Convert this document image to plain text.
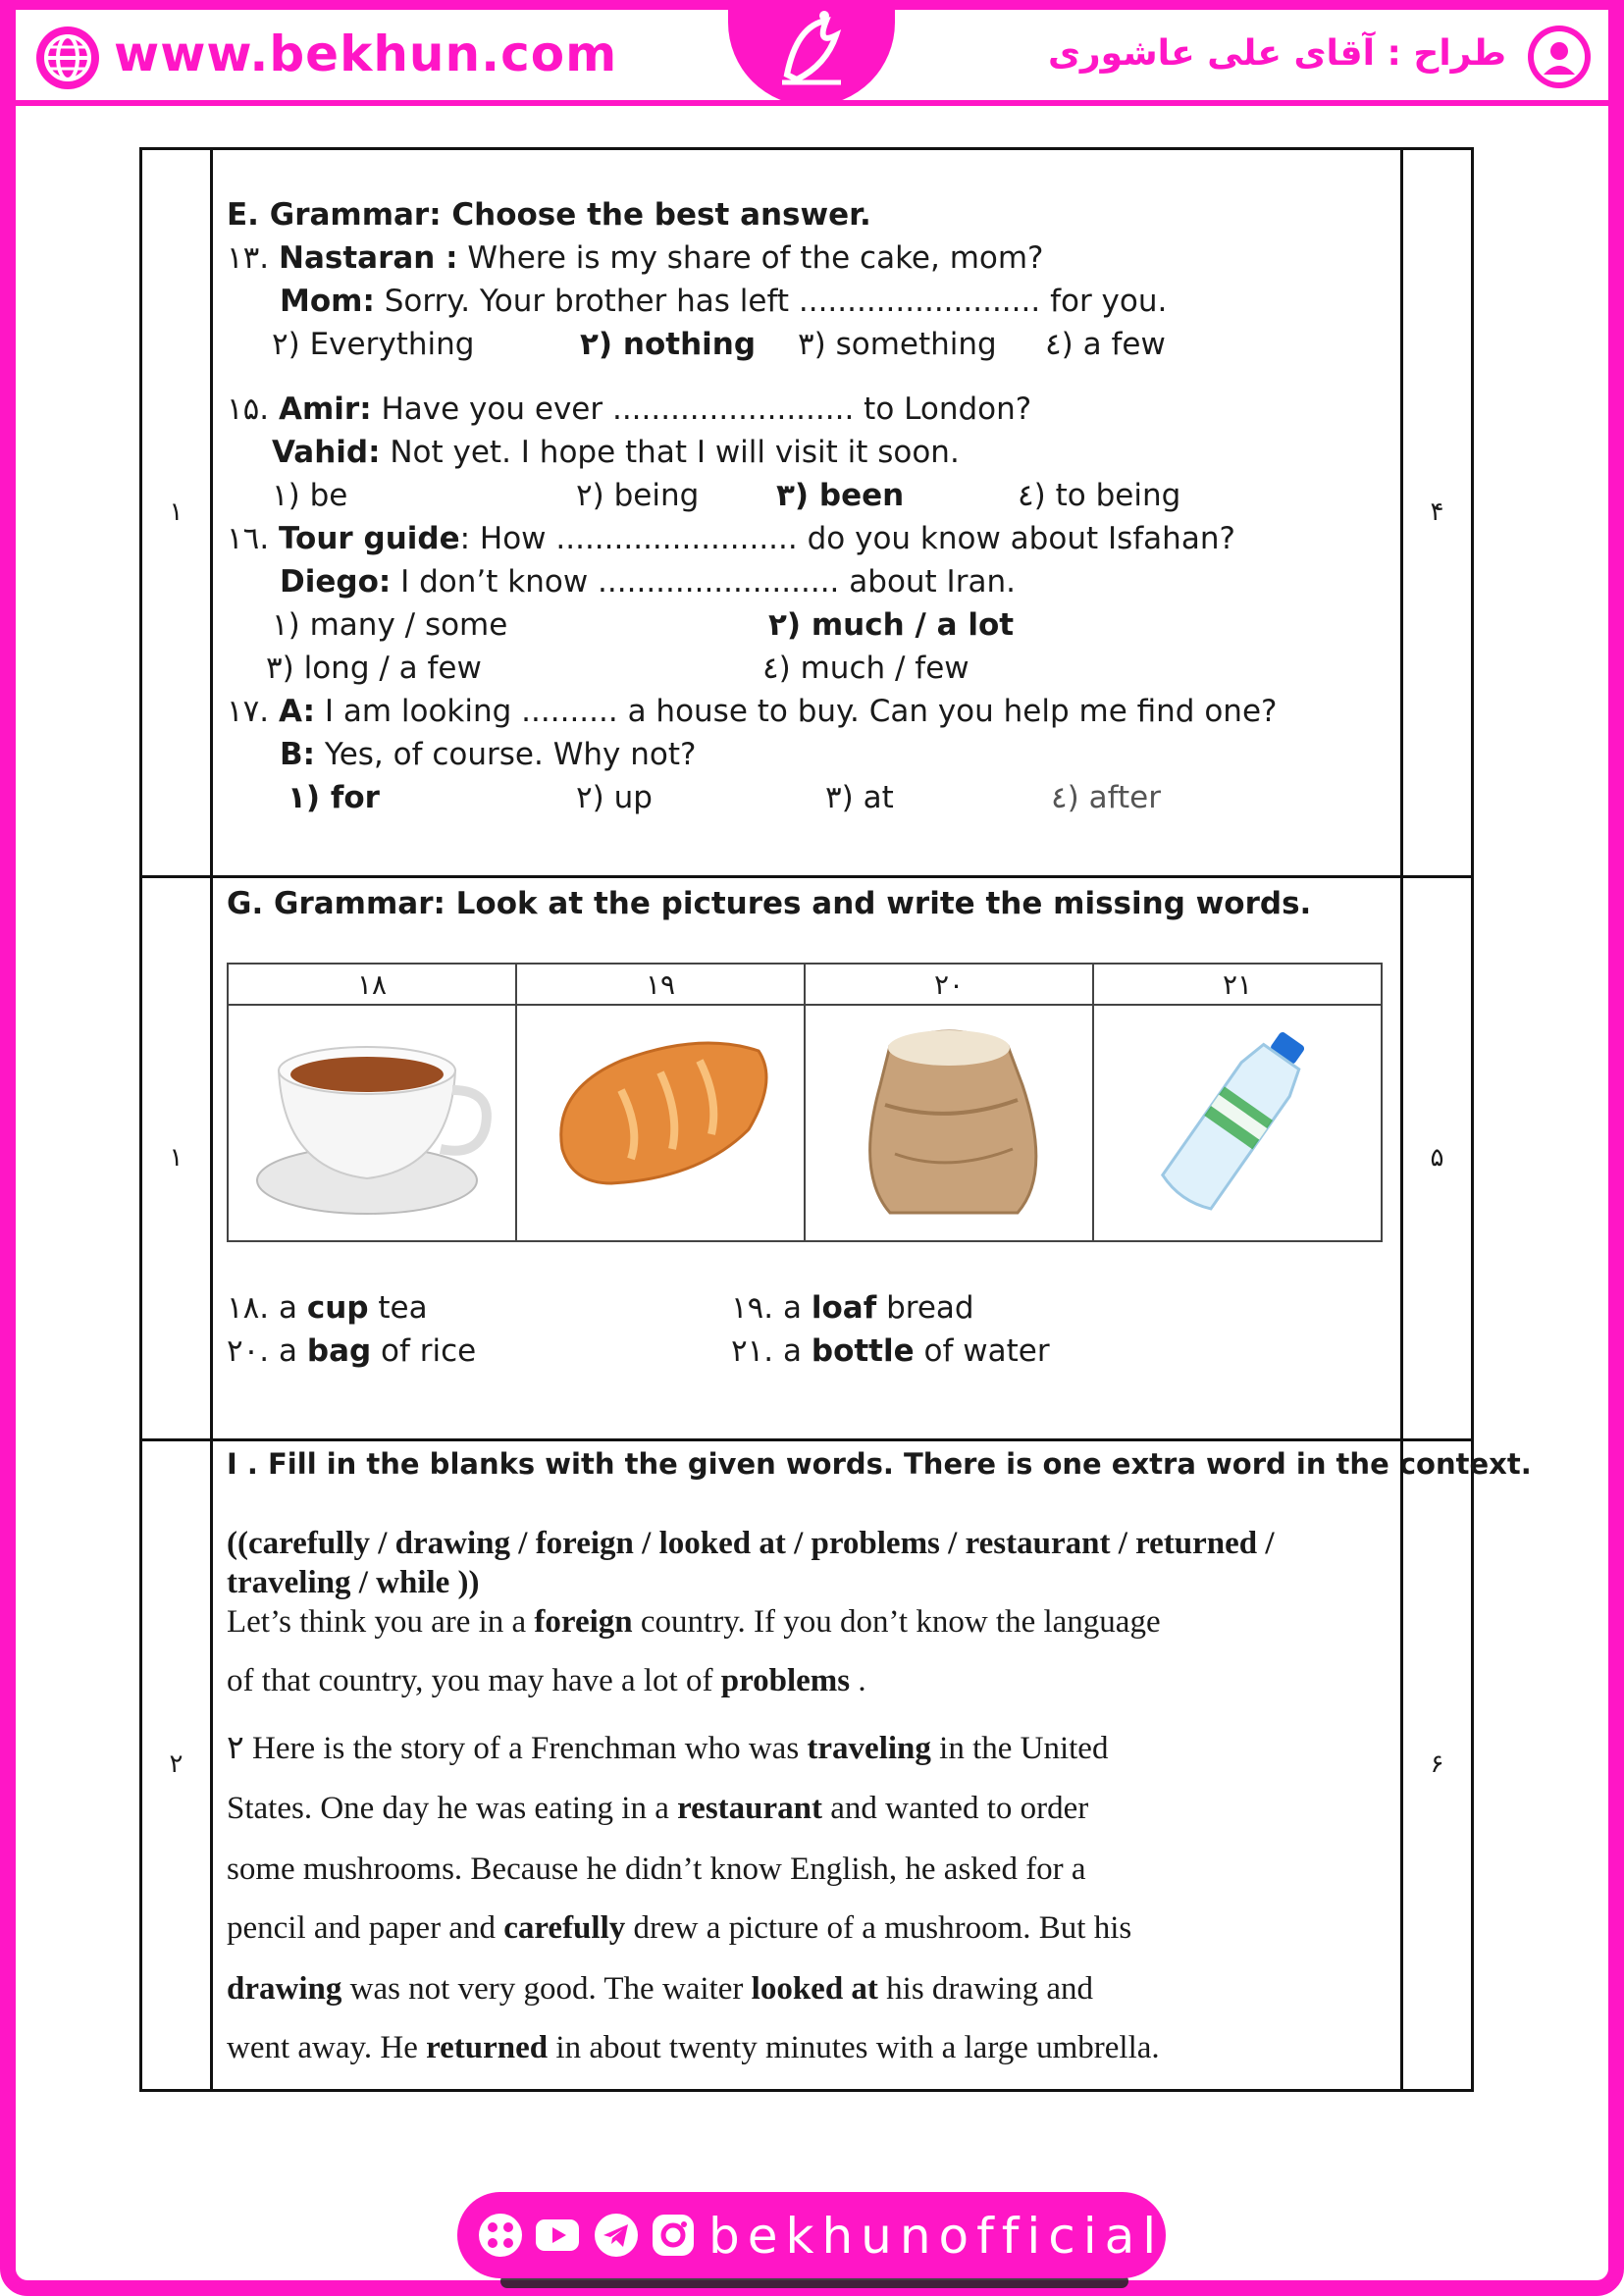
www.bekhun.com	طراح : آقای علی عاشوری
۱
E. Grammar: Choose the best answer.
۱۳. Nastaran : Where is my share of the cake, mom?
Mom: Sorry. Your brother has left ......................... for you.
۲) Everything	۲) nothing ۳) something ٤) a few
۱۵. Amir: Have you ever ......................... to London?
Vahid: Not yet. I hope that I will visit it soon.
۱) be	۲) being	۳) been	٤) to being
۱٦. Tour guide: How ......................... do you know about Isfahan?
Diego: I don’t know ......................... about Iran.
۱) many / some	۲) much / a lot
۳) long / a few	٤) much / few
۱۷. A: I am looking .......... a house to buy. Can you help me find one?
B: Yes, of course. Why not?
۱) for	۲) up	۳) at	٤) after
۴
۱
G. Grammar: Look at the pictures and write the missing words.
۱۸	۱۹	۲۰	۲۱

۵
۱۸. a cup tea	۱۹. a loaf bread
۲۰. a bag of rice	۲۱. a bottle of water
۲
I . Fill in the blanks with the given words. There is one extra word in the context.
((carefully / drawing / foreign / looked at / problems / restaurant / returned /
traveling / while ))
Let’s think you are in a foreign country. If you don’t know the language
of that country, you may have a lot of problems .
۲ Here is the story of a Frenchman who was traveling in the United
States. One day he was eating in a restaurant and wanted to order
some mushrooms. Because he didn’t know English, he asked for a
pencil and paper and carefully drew a picture of a mushroom. But his
drawing was not very good. The waiter looked at his drawing and
went away. He returned in about twenty minutes with a large umbrella.
۶
bekhunofficial
